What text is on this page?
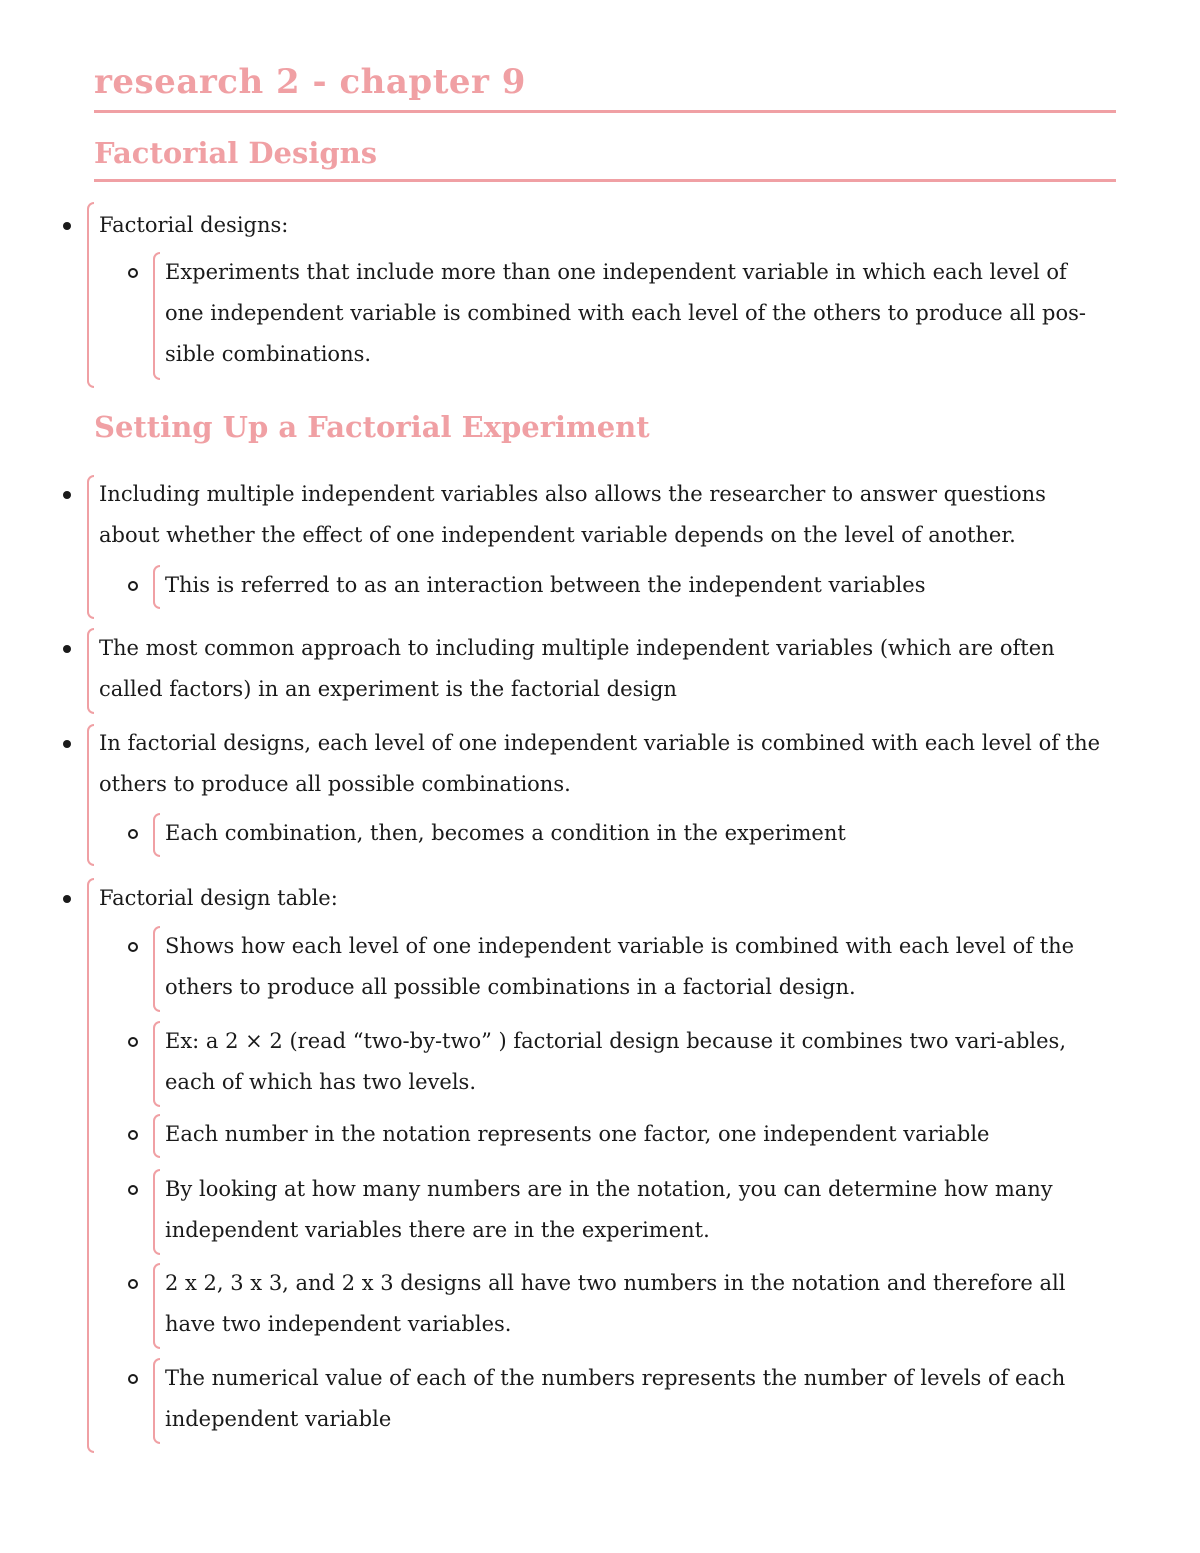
research 2 - chapter 9
Factorial Designs

Factorial designs:

Experiments that include more than one independent variable in which each level of one independent variable is combined with each level of the others to produce all pos-sible combinations.

Setting Up a Factorial Experiment

Including multiple independent variables also allows the researcher to answer questions about whether the effect of one independent variable depends on the level of another.

This is referred to as an interaction between the independent variables

The most common approach to including multiple independent variables (which are often called factors) in an experiment is the factorial design

In factorial designs, each level of one independent variable is combined with each level of the others to produce all possible combinations.

Each combination, then, becomes a condition in the experiment

Factorial design table:

Shows how each level of one independent variable is combined with each level of the others to produce all possible combinations in a factorial design.

Ex: a 2 × 2 (read “two-by-two” ) factorial design because it combines two vari-ables, each of which has two levels.

Each number in the notation represents one factor, one independent variable

By looking at how many numbers are in the notation, you can determine how many independent variables there are in the experiment.

2 x 2, 3 x 3, and 2 x 3 designs all have two numbers in the notation and therefore all have two independent variables.

The numerical value of each of the numbers represents the number of levels of each independent variable
